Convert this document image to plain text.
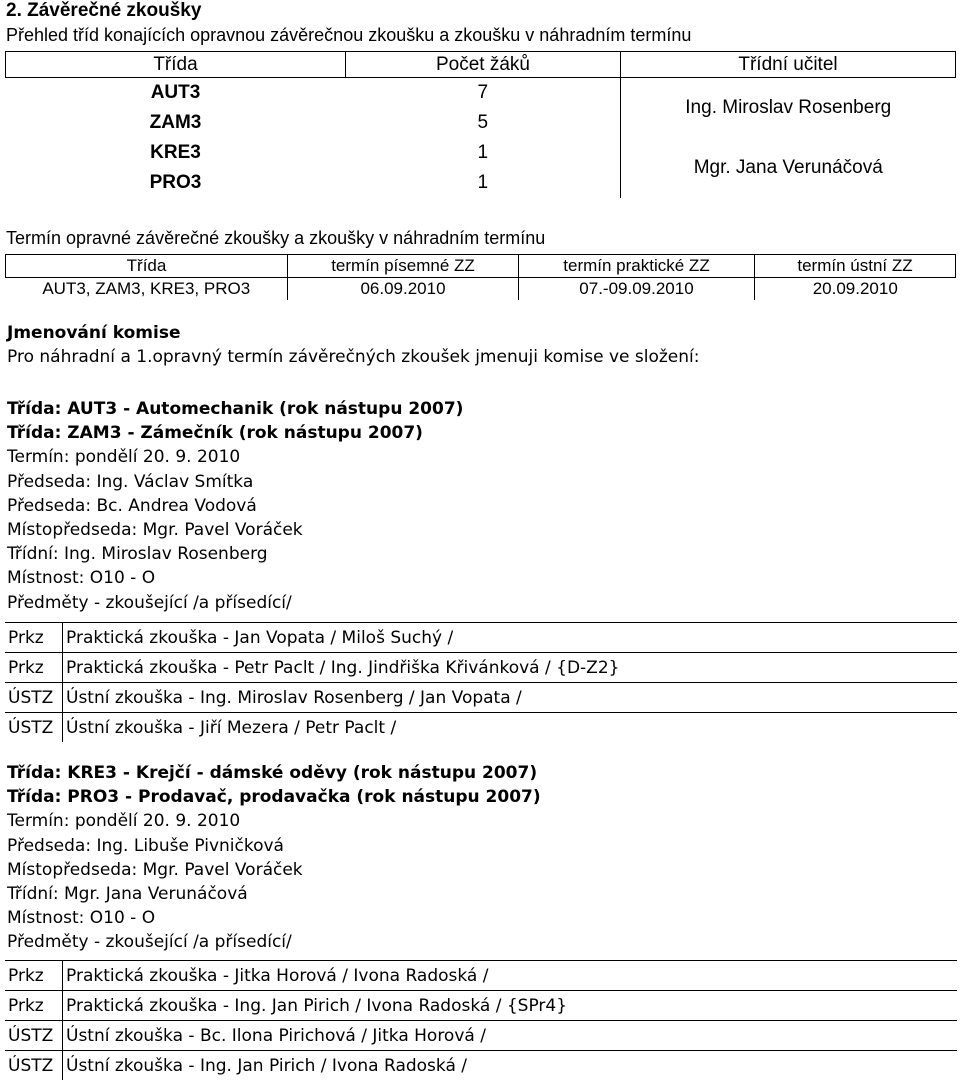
2. Závěrečné zkoušky
Přehled tříd konajících opravnou závěrečnou zkoušku a zkoušku v náhradním termínu
Třída	Počet žáků	Třídní učitel
AUT3	7	Ing. Miroslav Rosenberg
ZAM3	5	
KRE3	1	Mgr. Jana Verunáčová
PRO3	1	
Termín opravné závěrečné zkoušky a zkoušky v náhradním termínu
Třída	termín písemné ZZ	termín praktické ZZ	termín ústní ZZ
AUT3, ZAM3, KRE3, PRO3	06.09.2010	07.-09.09.2010	20.09.2010
Jmenování komise
Pro náhradní a 1.opravný termín závěrečných zkoušek jmenuji komise ve složení:
Třída: AUT3 - Automechanik (rok nástupu 2007)
Třída: ZAM3 - Zámečník (rok nástupu 2007)
Termín: pondělí 20. 9. 2010
Předseda: Ing. Václav Smítka
Předseda: Bc. Andrea Vodová
Místopředseda: Mgr. Pavel Voráček
Třídní: Ing. Miroslav Rosenberg
Místnost: O10 - O
Předměty - zkoušející /a přísedící/
Prkz	Praktická zkouška - Jan Vopata / Miloš Suchý /
Prkz	Praktická zkouška - Petr Paclt / Ing. Jindřiška Křivánková / {D-Z2}
ÚSTZ Ústní zkouška - Ing. Miroslav Rosenberg / Jan Vopata /
ÚSTZ Ústní zkouška - Jiří Mezera / Petr Paclt /
Třída: KRE3 - Krejčí - dámské oděvy (rok nástupu 2007)
Třída: PRO3 - Prodavač, prodavačka (rok nástupu 2007)
Termín: pondělí 20. 9. 2010
Předseda: Ing. Libuše Pivničková
Místopředseda: Mgr. Pavel Voráček
Třídní: Mgr. Jana Verunáčová
Místnost: O10 - O
Předměty - zkoušející /a přísedící/
Prkz	Praktická zkouška - Jitka Horová / Ivona Radoská /
Prkz	Praktická zkouška - Ing. Jan Pirich / Ivona Radoská / {SPr4}
ÚSTZ Ústní zkouška - Bc. Ilona Pirichová / Jitka Horová /
ÚSTZ Ústní zkouška - Ing. Jan Pirich / Ivona Radoská /
